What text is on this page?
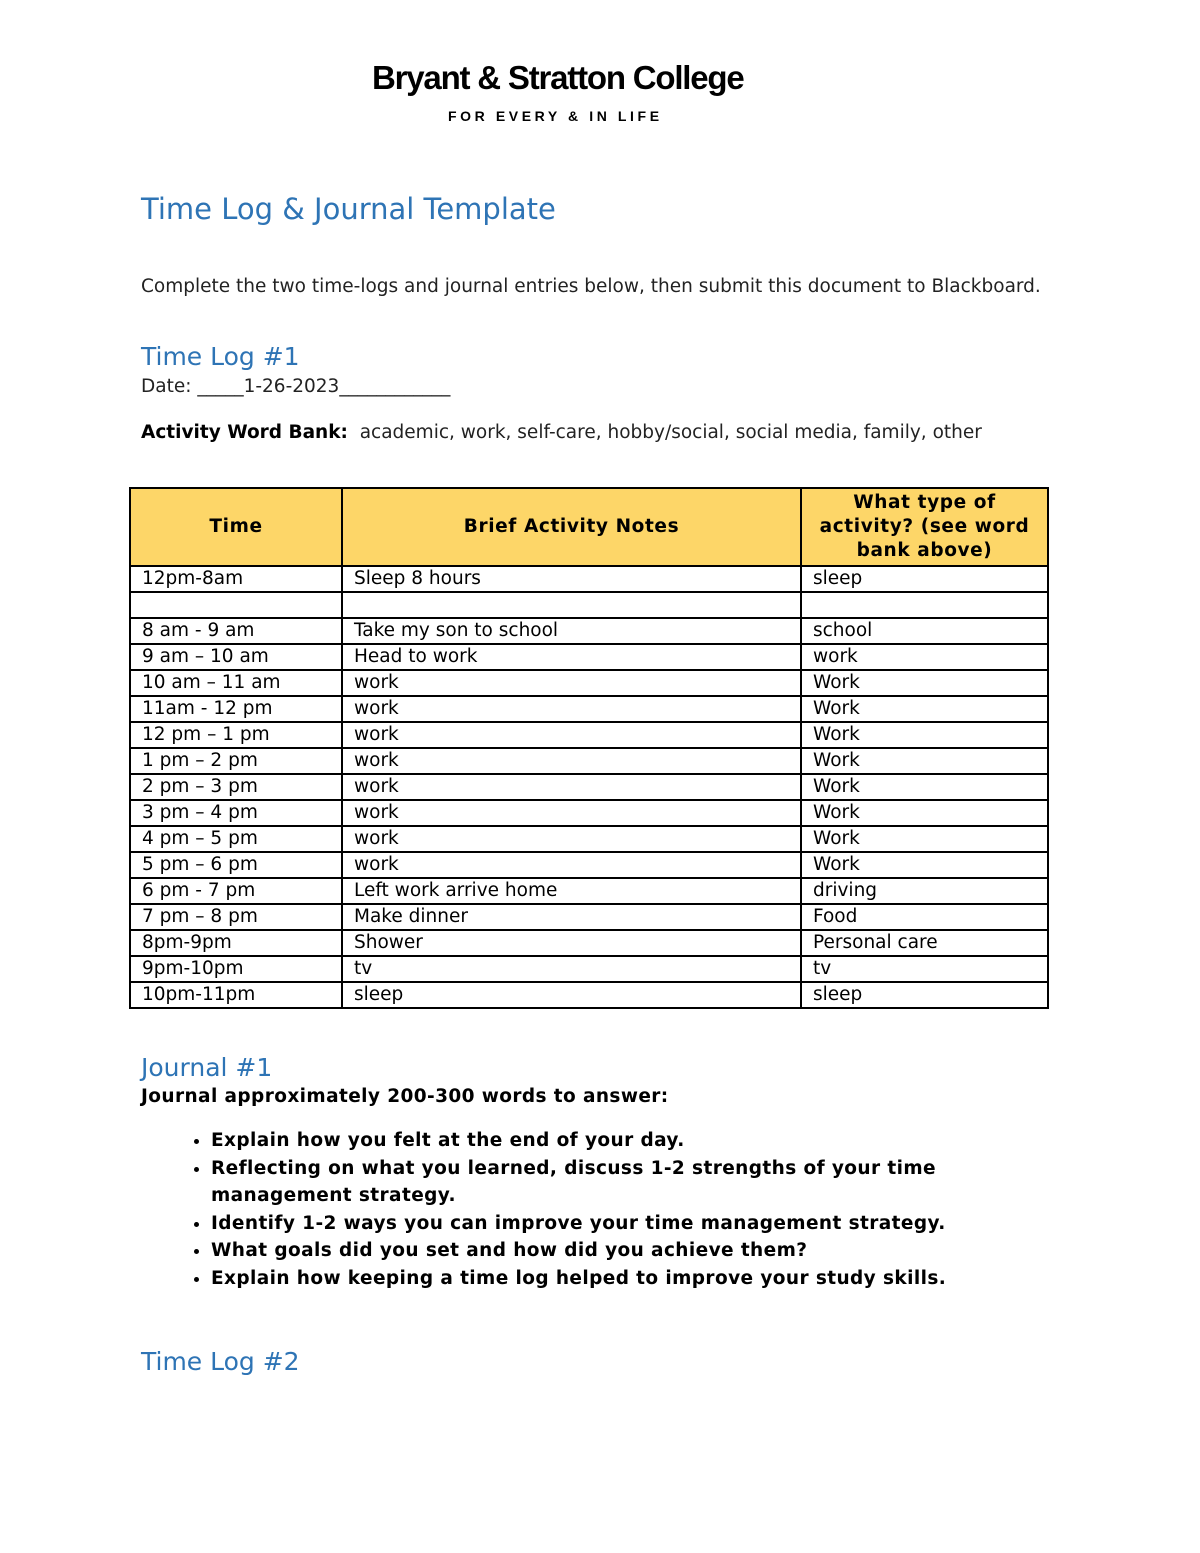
Bryant & Stratton College
FOR EVERY & IN LIFE
Time Log & Journal Template
Complete the two time-logs and journal entries below, then submit this document to Blackboard.
Time Log #1
Date: _____1-26-2023____________
Activity Word Bank: academic, work, self-care, hobby/social, social media, family, other
Time	Brief Activity Notes	What type of activity? (see word bank above)
12pm-8am	Sleep 8 hours	sleep

8 am - 9 am	Take my son to school	school
9 am – 10 am	Head to work	work
10 am – 11 am	work	Work
11am - 12 pm	work	Work
12 pm – 1 pm	work	Work
1 pm – 2 pm	work	Work
2 pm – 3 pm	work	Work
3 pm – 4 pm	work	Work
4 pm – 5 pm	work	Work
5 pm – 6 pm	work	Work
6 pm - 7 pm	Left work arrive home	driving
7 pm – 8 pm	Make dinner	Food
8pm-9pm	Shower	Personal care
9pm-10pm	tv	tv
10pm-11pm	sleep	sleep
Journal #1
Journal approximately 200-300 words to answer:
• Explain how you felt at the end of your day.
• Reflecting on what you learned, discuss 1-2 strengths of your time management strategy.
• Identify 1-2 ways you can improve your time management strategy.
• What goals did you set and how did you achieve them?
• Explain how keeping a time log helped to improve your study skills.
Time Log #2
